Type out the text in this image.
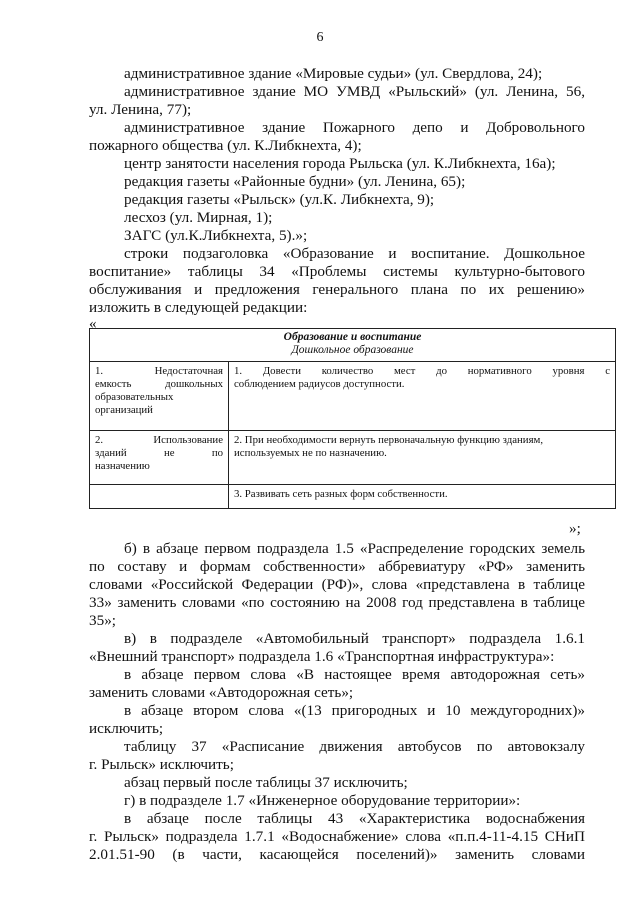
6
административное здание «Мировые судьи» (ул. Свердлова, 24);
административное здание МО УМВД «Рыльский» (ул. Ленина, 56,
ул. Ленина, 77);
административное здание Пожарного депо и Добровольного
пожарного общества (ул. К.Либкнехта, 4);
центр занятости населения города Рыльска (ул. К.Либкнехта, 16а);
редакция газеты «Районные будни» (ул. Ленина, 65);
редакция газеты «Рыльск» (ул.К. Либкнехта, 9);
лесхоз (ул. Мирная, 1);
ЗАГС (ул.К.Либкнехта, 5).»;
строки подзаголовка «Образование и воспитание. Дошкольное
воспитание» таблицы 34 «Проблемы системы культурно-бытового
обслуживания и предложения генерального плана по их решению»
изложить в следующей редакции:
«
Образование и воспитание
Дошкольное образование	

1. Недостаточная
емкость дошкольных
образовательных
организаций	1. Довести количество мест до нормативного уровня с
соблюдением радиусов доступности.

2. Использование
зданий не по
назначению	2. При необходимости вернуть первоначальную функцию зданиям,
используемых не по назначению.

	3. Развивать сеть разных форм собственности.
»;
б) в абзаце первом подраздела 1.5 «Распределение городских земель
по составу и формам собственности» аббревиатуру «РФ» заменить
словами «Российской Федерации (РФ)», слова «представлена в таблице
33» заменить словами «по состоянию на 2008 год представлена в таблице
35»;
в) в подразделе «Автомобильный транспорт» подраздела 1.6.1
«Внешний транспорт» подраздела 1.6 «Транспортная инфраструктура»:
в абзаце первом слова «В настоящее время автодорожная сеть»
заменить словами «Автодорожная сеть»;
в абзаце втором слова «(13 пригородных и 10 междугородних)»
исключить;
таблицу 37 «Расписание движения автобусов по автовокзалу
г. Рыльск» исключить;
абзац первый после таблицы 37 исключить;
г) в подразделе 1.7 «Инженерное оборудование территории»:
в абзаце после таблицы 43 «Характеристика водоснабжения
г. Рыльск» подраздела 1.7.1 «Водоснабжение» слова «п.п.4-11-4.15 СНиП
2.01.51-90 (в части, касающейся поселений)» заменить словами
